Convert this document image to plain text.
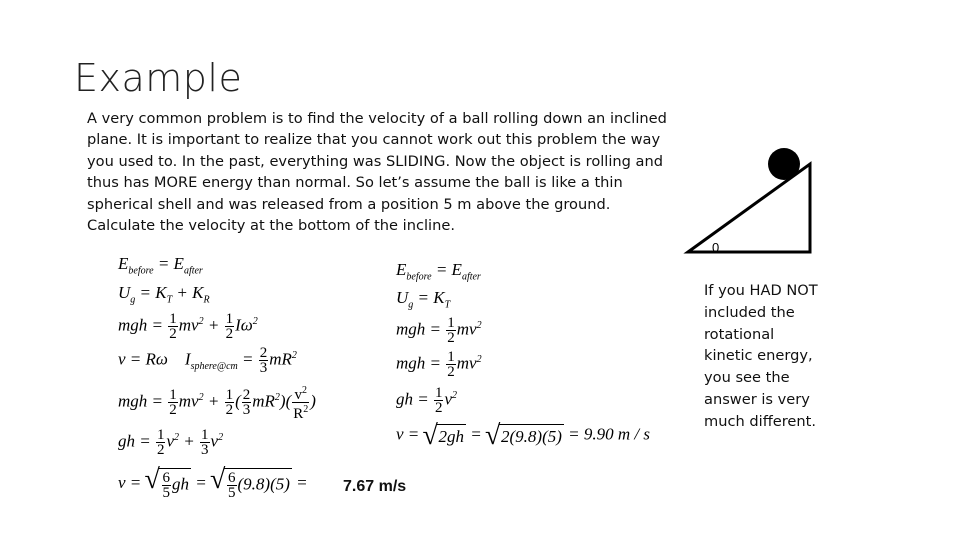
Example
A very common problem is to find the velocity of a ball rolling down an inclined
plane. It is important to realize that you cannot work out this problem the way
you used to. In the past, everything was SLIDING. Now the object is rolling and
thus has MORE energy than normal. So let’s assume the ball is like a thin
spherical shell and was released from a position 5 m above the ground.
Calculate the velocity at the bottom of the incline.
0
If you HAD NOT
included the
rotational
kinetic energy,
you see the
answer is very
much different.
$E_{before} = E_{after}$
$U_g = K_T + K_R$
mgh = $\frac{1}{2} mv^2 + \frac{1}{2} I\omega^2$
v = Rω    $I_{sphere@cm} = \frac{2}{3} mR^2$
mgh = $\frac{1}{2} mv^2 + \frac{1}{2}$ ( $\frac{2}{3} mR^2)( \frac{v^2}{R^2}$ )
gh = $\frac{1}{2} v^2 + \frac{1}{3} v^2$
v = √ $\frac{6}{5}$ gh = √ $\frac{6}{5} (9.8)(5) = 7.67$ m/s
$E_{before} = E_{after}$
$U_g = K_T$
mgh = $\frac{1}{2} mv^2$
mgh = $\frac{1}{2} mv^2$
gh = $\frac{1}{2} v^2$
v = √ 2gh = √ 2(9.8)(5) = 9.90 m / s
